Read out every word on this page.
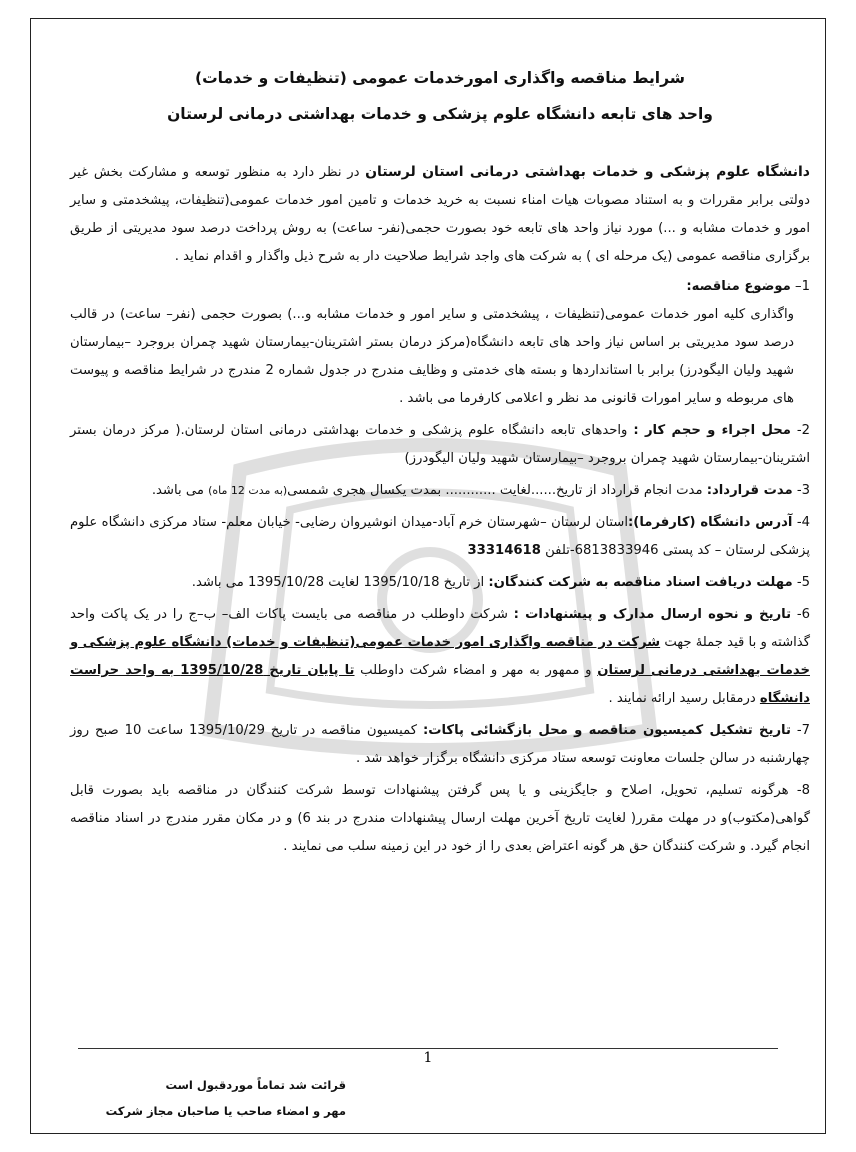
شرایط مناقصه واگذاری امورخدمات عمومی (تنظیفات و خدمات)

واحد های تابعه دانشگاه علوم پزشکی و خدمات بهداشتی درمانی لرستان

دانشگاه علوم پزشکی و خدمات بهداشتی درمانی استان لرستان در نظر دارد به منظور توسعه و مشارکت بخش غیر دولتی برابر مقررات و به استناد مصوبات هیات امناء نسبت به خرید خدمات و تامین امور خدمات عمومی(تنظیفات، پیشخدمتی و سایر امور و خدمات مشابه و ...) مورد نیاز واحد های تابعه خود بصورت حجمی(نفر- ساعت) به روش پرداخت درصد سود مدیریتی از طریق برگزاری مناقصه عمومی (یک مرحله ای ) به شرکت های واجد شرایط صلاحیت دار به شرح ذیل واگذار و اقدام نماید .

1– موضوع مناقصه:
واگذاری کلیه امور خدمات عمومی(تنظیفات ، پیشخدمتی و سایر امور و خدمات مشابه و...) بصورت حجمی (نفر– ساعت) در قالب درصد سود مدیریتی بر اساس نیاز واحد های تابعه دانشگاه(مرکز درمان بستر اشترینان-بیمارستان شهید چمران بروجرد –بیمارستان شهید ولیان الیگودرز) برابر با استانداردها و بسته های خدمتی و وظایف مندرج در جدول شماره 2 مندرج در شرایط مناقصه و پیوست های مربوطه و سایر امورات قانونی مد نظر و اعلامی کارفرما می باشد .
2- محل اجراء و حجم کار : واحدهای تابعه دانشگاه علوم پزشکی و خدمات بهداشتی درمانی استان لرستان.( مرکز درمان بستر اشترینان-بیمارستان شهید چمران بروجرد –بیمارستان شهید ولیان الیگودرز)
3- مدت قرارداد: مدت انجام قرارداد از تاریخ......لغایت ............ بمدت یکسال هجری شمسی(به مدت 12 ماه) می باشد.
4- آدرس دانشگاه (کارفرما):استان لرستان –شهرستان خرم آباد-میدان انوشیروان رضایی- خیابان معلم- ستاد مرکزی دانشگاه علوم پزشکی لرستان – کد پستی 6813833946-تلفن 33314618
5- مهلت دریافت اسناد مناقصه به شرکت کنندگان: از تاریخ 1395/10/18 لغایت 1395/10/28 می باشد.
6- تاریخ و نحوه ارسال مدارک و پیشنهادات : شرکت داوطلب در مناقصه می بایست پاکات الف– ب–ج را در یک پاکت واحد گذاشته و با قید جملهٔ جهت شرکت در مناقصه واگذاری امور خدمات عمومی(تنظیفات و خدمات) دانشگاه علوم پزشکی و خدمات بهداشتی درمانی لرستان و ممهور به مهر و امضاء شرکت داوطلب تا پایان تاریخ 1395/10/28 به واحد حراست دانشگاه درمقابل رسید ارائه نمایند .
7- تاریخ تشکیل کمیسیون مناقصه و محل بازگشائی پاکات: کمیسیون مناقصه در تاریخ 1395/10/29 ساعت 10 صبح روز چهارشنبه در سالن جلسات معاونت توسعه ستاد مرکزی دانشگاه برگزار خواهد شد .
8- هرگونه تسلیم، تحویل، اصلاح و جایگزینی و یا پس گرفتن پیشنهادات توسط شرکت کنندگان در مناقصه باید بصورت قابل گواهی(مکتوب)و در مهلت مقرر( لغایت تاریخ آخرین مهلت ارسال پیشنهادات مندرج در بند 6) و در مکان مقرر مندرج در اسناد مناقصه انجام گیرد. و شرکت کنندگان حق هر گونه اعتراض بعدی را از خود در این زمینه سلب می نمایند .
1
قرائت شد تماماً موردقبول است
مهر و امضاء صاحب یا صاحبان مجاز شرکت
